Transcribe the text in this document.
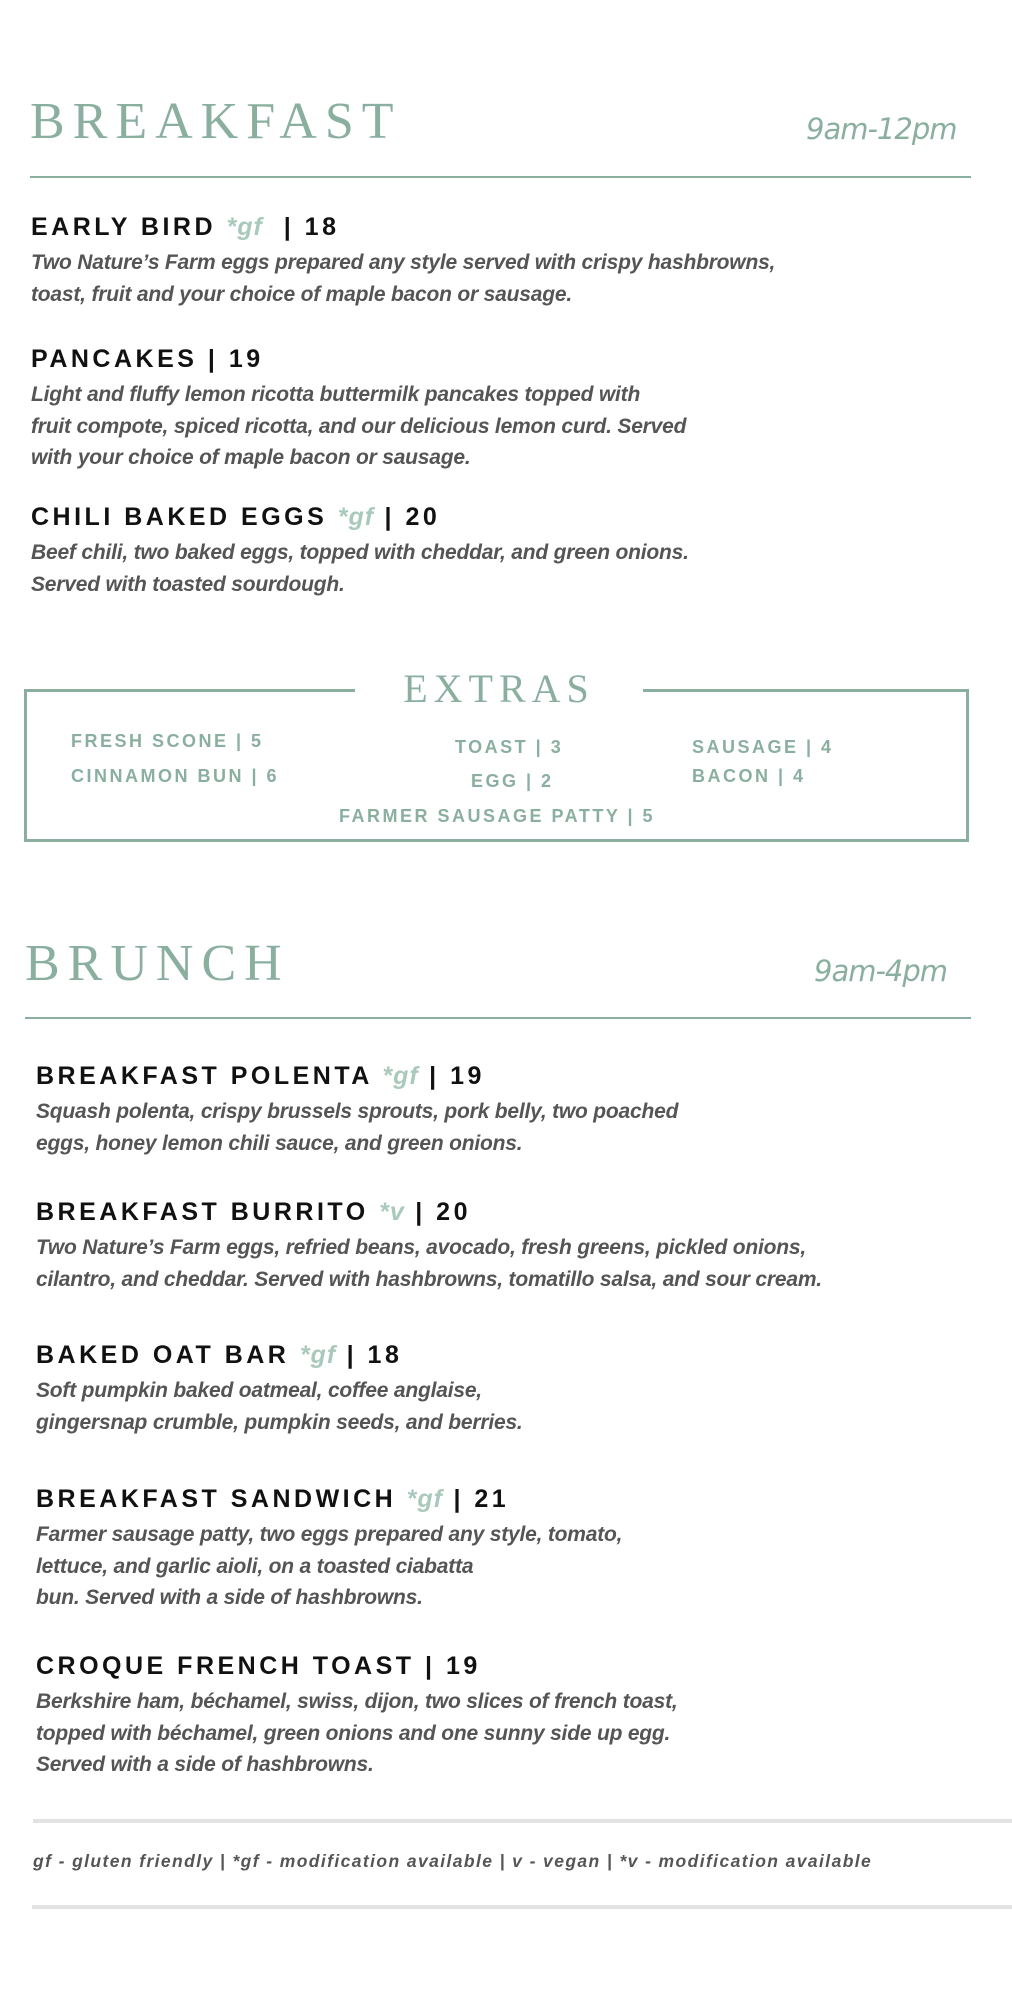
BREAKFAST	9am-12pm
EARLY BIRD *gf | 18
Two Nature’s Farm eggs prepared any style served with crispy hashbrowns,
toast, fruit and your choice of maple bacon or sausage.
PANCAKES | 19
Light and fluffy lemon ricotta buttermilk pancakes topped with
fruit compote, spiced ricotta, and our delicious lemon curd. Served
with your choice of maple bacon or sausage.
CHILI BAKED EGGS *gf | 20
Beef chili, two baked eggs, topped with cheddar, and green onions.
Served with toasted sourdough.
EXTRAS
FRESH SCONE | 5
CINNAMON BUN | 6
TOAST | 3
EGG | 2
SAUSAGE | 4
BACON | 4
FARMER SAUSAGE PATTY | 5
BRUNCH	9am-4pm
BREAKFAST POLENTA *gf | 19
Squash polenta, crispy brussels sprouts, pork belly, two poached
eggs, honey lemon chili sauce, and green onions.
BREAKFAST BURRITO *v | 20
Two Nature’s Farm eggs, refried beans, avocado, fresh greens, pickled onions,
cilantro, and cheddar. Served with hashbrowns, tomatillo salsa, and sour cream.
BAKED OAT BAR *gf | 18
Soft pumpkin baked oatmeal, coffee anglaise,
gingersnap crumble, pumpkin seeds, and berries.
BREAKFAST SANDWICH *gf | 21
Farmer sausage patty, two eggs prepared any style, tomato,
lettuce, and garlic aioli, on a toasted ciabatta
bun. Served with a side of hashbrowns.
CROQUE FRENCH TOAST | 19
Berkshire ham, béchamel, swiss, dijon, two slices of french toast,
topped with béchamel, green onions and one sunny side up egg.
Served with a side of hashbrowns.
gf - gluten friendly | *gf - modification available | v - vegan | *v - modification available
